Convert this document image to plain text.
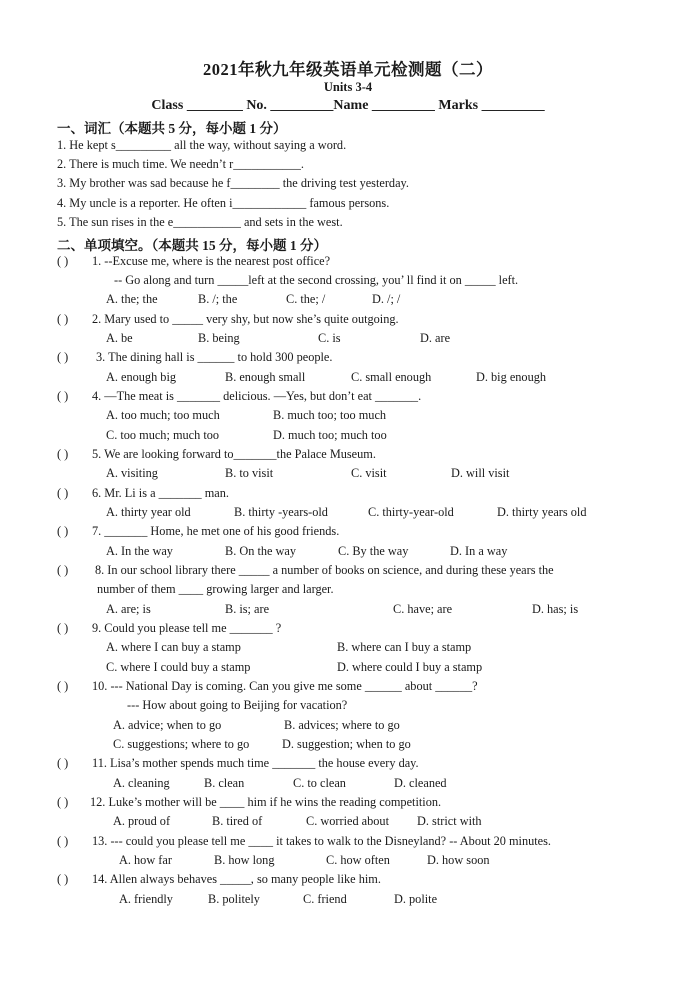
2021年秋九年级英语单元检测题（二）
Units 3-4
Class ________ No. _________Name _________ Marks _________
一、词汇（本题共 5 分，每小题 1 分）
1. He kept s_________ all the way, without saying a word.
2. There is much time. We needn’t r___________.
3. My brother was sad because he f________ the driving test yesterday.
4. My uncle is a reporter. He often i____________ famous persons.
5. The sun rises in the e___________ and sets in the west.
二、单项填空。（本题共 15 分，每小题 1 分）
( ) 1. --Excuse me, where is the nearest post office?
-- Go along and turn _____left at the second crossing, you’ ll find it on _____ left.
A. the; the	B. /; the	C. the; /	D. /; /
( ) 2. Mary used to _____ very shy, but now she’s quite outgoing.
A. be	B. being	C. is	D. are
( ) 3. The dining hall is ______ to hold 300 people.
A. enough big	B. enough small	C. small enough	D. big enough
( ) 4. —The meat is _______ delicious. —Yes, but don’t eat _______.
A. too much; too much	B. much too; too much
C. too much; much too	D. much too; much too
( ) 5. We are looking forward to_______the Palace Museum.
A. visiting	B. to visit	C. visit	D. will visit
( ) 6. Mr. Li is a _______ man.
A. thirty year old	B. thirty -years-old	C. thirty-year-old	D. thirty years old
( ) 7. _______ Home, he met one of his good friends.
A. In the way	B. On the way	C. By the way	D. In a way
( ) 8. In our school library there _____ a number of books on science, and during these years the
number of them ____ growing larger and larger.
A. are; is	B. is; are	C. have; are	D. has; is
( ) 9. Could you please tell me _______ ?
A. where I can buy a stamp	B. where can I buy a stamp
C. where I could buy a stamp	D. where could I buy a stamp
( ) 10. --- National Day is coming. Can you give me some ______ about ______?
--- How about going to Beijing for vacation?
A. advice; when to go	B. advices; where to go
C. suggestions; where to go	D. suggestion; when to go
( ) 11. Lisa’s mother spends much time _______ the house every day.
A. cleaning	B. clean	C. to clean	D. cleaned
( ) 12. Luke’s mother will be ____ him if he wins the reading competition.
A. proud of	B. tired of	C. worried about D. strict with
( ) 13. --- could you please tell me ____ it takes to walk to the Disneyland? -- About 20 minutes.
A. how far	B. how long	C. how often	D. how soon
( ) 14. Allen always behaves _____, so many people like him.
A. friendly	B. politely	C. friend	D. polite
